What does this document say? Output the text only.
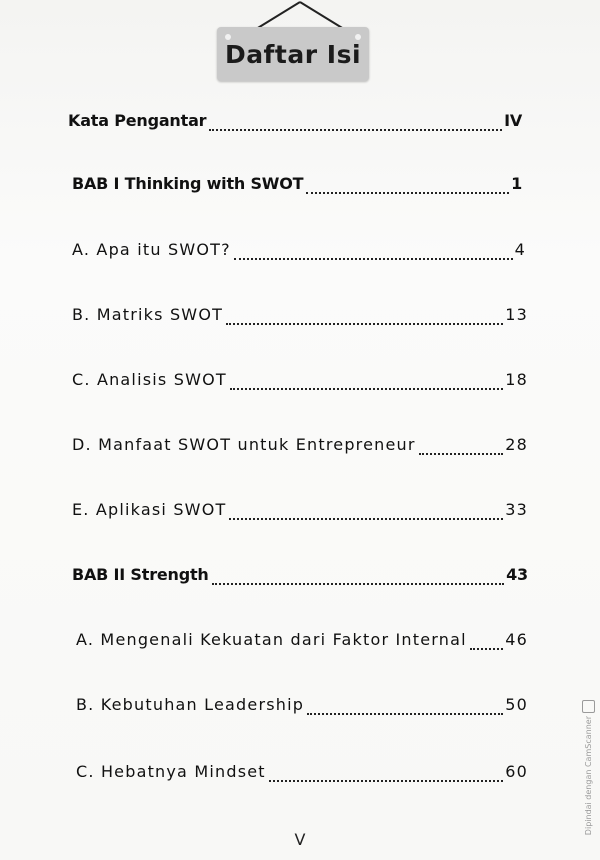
Daftar Isi
Kata Pengantar	IV
BAB I Thinking with SWOT	1
A. Apa itu SWOT?	4
B. Matriks SWOT	13
C. Analisis SWOT	18
D. Manfaat SWOT untuk Entrepreneur	28
E. Aplikasi SWOT	33
BAB II Strength	43
A. Mengenali Kekuatan dari Faktor Internal 46
B. Kebutuhan Leadership	50
C. Hebatnya Mindset	60
V
Dipindai dengan CamScanner
